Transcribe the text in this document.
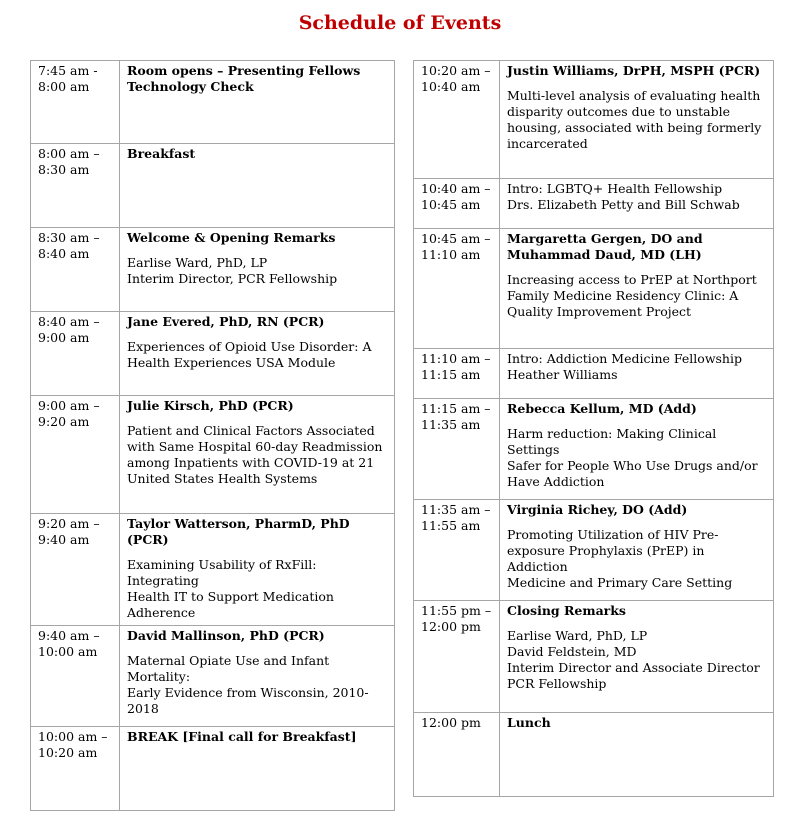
Schedule of Events
7:45 am -
8:00 am	Room opens – Presenting Fellows
Technology Check

8:00 am –
8:30 am	Breakfast

8:30 am –
8:40 am	Welcome & Opening Remarks
Earlise Ward, PhD, LP
Interim Director, PCR Fellowship

8:40 am –
9:00 am	Jane Evered, PhD, RN (PCR)
Experiences of Opioid Use Disorder: A
Health Experiences USA Module

9:00 am –
9:20 am	Julie Kirsch, PhD (PCR)
Patient and Clinical Factors Associated
with Same Hospital 60-day Readmission
among Inpatients with COVID-19 at 21
United States Health Systems

9:20 am –
9:40 am	Taylor Watterson, PharmD, PhD (PCR)
Examining Usability of RxFill: Integrating
Health IT to Support Medication
Adherence

9:40 am –
10:00 am	David Mallinson, PhD (PCR)
Maternal Opiate Use and Infant Mortality:
Early Evidence from Wisconsin, 2010-
2018

10:00 am –
10:20 am	BREAK [Final call for Breakfast]
10:20 am –
10:40 am	Justin Williams, DrPH, MSPH (PCR)
Multi-level analysis of evaluating health
disparity outcomes due to unstable
housing, associated with being formerly
incarcerated

10:40 am –
10:45 am	Intro: LGBTQ+ Health Fellowship
Drs. Elizabeth Petty and Bill Schwab

10:45 am –
11:10 am	Margaretta Gergen, DO and
Muhammad Daud, MD (LH)
Increasing access to PrEP at Northport
Family Medicine Residency Clinic: A
Quality Improvement Project

11:10 am –
11:15 am	Intro: Addiction Medicine Fellowship
Heather Williams

11:15 am –
11:35 am	Rebecca Kellum, MD (Add)
Harm reduction: Making Clinical Settings
Safer for People Who Use Drugs and/or
Have Addiction

11:35 am –
11:55 am	Virginia Richey, DO (Add)
Promoting Utilization of HIV Pre-
exposure Prophylaxis (PrEP) in Addiction
Medicine and Primary Care Setting

11:55 pm –
12:00 pm	Closing Remarks
Earlise Ward, PhD, LP
David Feldstein, MD
Interim Director and Associate Director
PCR Fellowship

12:00 pm	Lunch
